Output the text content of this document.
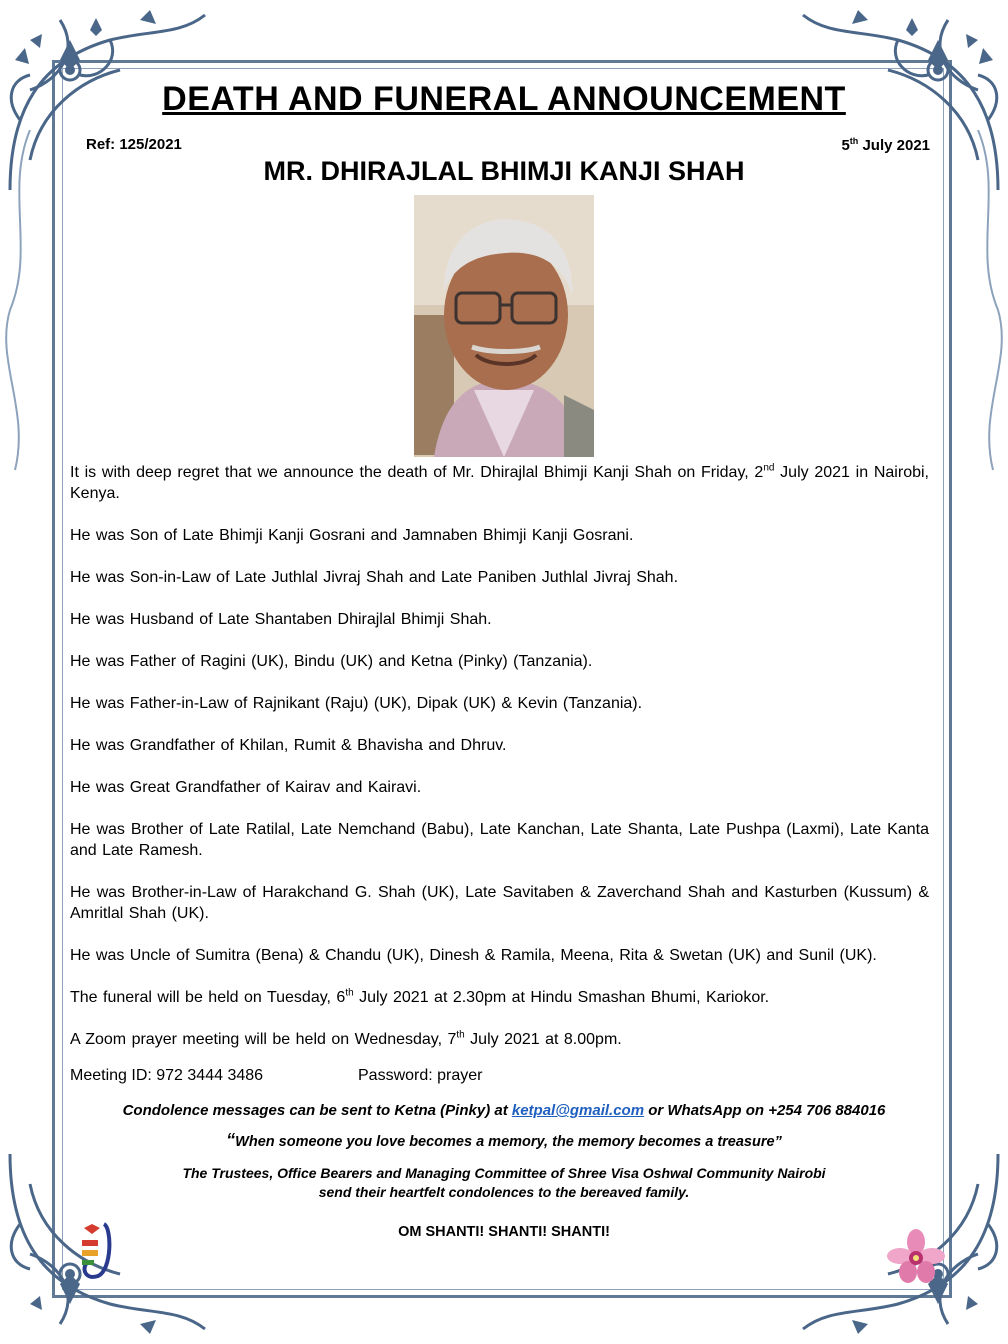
DEATH AND FUNERAL ANNOUNCEMENT
Ref: 125/2021	5th July 2021
MR. DHIRAJLAL BHIMJI KANJI SHAH

It is with deep regret that we announce the death of Mr. Dhirajlal Bhimji Kanji Shah on Friday, 2nd July 2021 in Nairobi, Kenya.

He was Son of Late Bhimji Kanji Gosrani and Jamnaben Bhimji Kanji Gosrani.

He was Son-in-Law of Late Juthlal Jivraj Shah and Late Paniben Juthlal Jivraj Shah.

He was Husband of Late Shantaben Dhirajlal Bhimji Shah.

He was Father of Ragini (UK), Bindu (UK) and Ketna (Pinky) (Tanzania).

He was Father-in-Law of Rajnikant (Raju) (UK), Dipak (UK) & Kevin (Tanzania).

He was Grandfather of Khilan, Rumit & Bhavisha and Dhruv.

He was Great Grandfather of Kairav and Kairavi.

He was Brother of Late Ratilal, Late Nemchand (Babu), Late Kanchan, Late Shanta, Late Pushpa (Laxmi), Late Kanta and Late Ramesh.

He was Brother-in-Law of Harakchand G. Shah (UK), Late Savitaben & Zaverchand Shah and Kasturben (Kussum) & Amritlal Shah (UK).

He was Uncle of Sumitra (Bena) & Chandu (UK), Dinesh & Ramila, Meena, Rita & Swetan (UK) and Sunil (UK).

The funeral will be held on Tuesday, 6th July 2021 at 2.30pm at Hindu Smashan Bhumi, Kariokor.

A Zoom prayer meeting will be held on Wednesday, 7th July 2021 at 8.00pm.

Meeting ID: 972 3444 3486	Password: prayer
Condolence messages can be sent to Ketna (Pinky) at ketpal@gmail.com or WhatsApp on +254 706 884016
“When someone you love becomes a memory, the memory becomes a treasure”
The Trustees, Office Bearers and Managing Committee of Shree Visa Oshwal Community Nairobi
send their heartfelt condolences to the bereaved family.
OM SHANTI! SHANTI! SHANTI!
